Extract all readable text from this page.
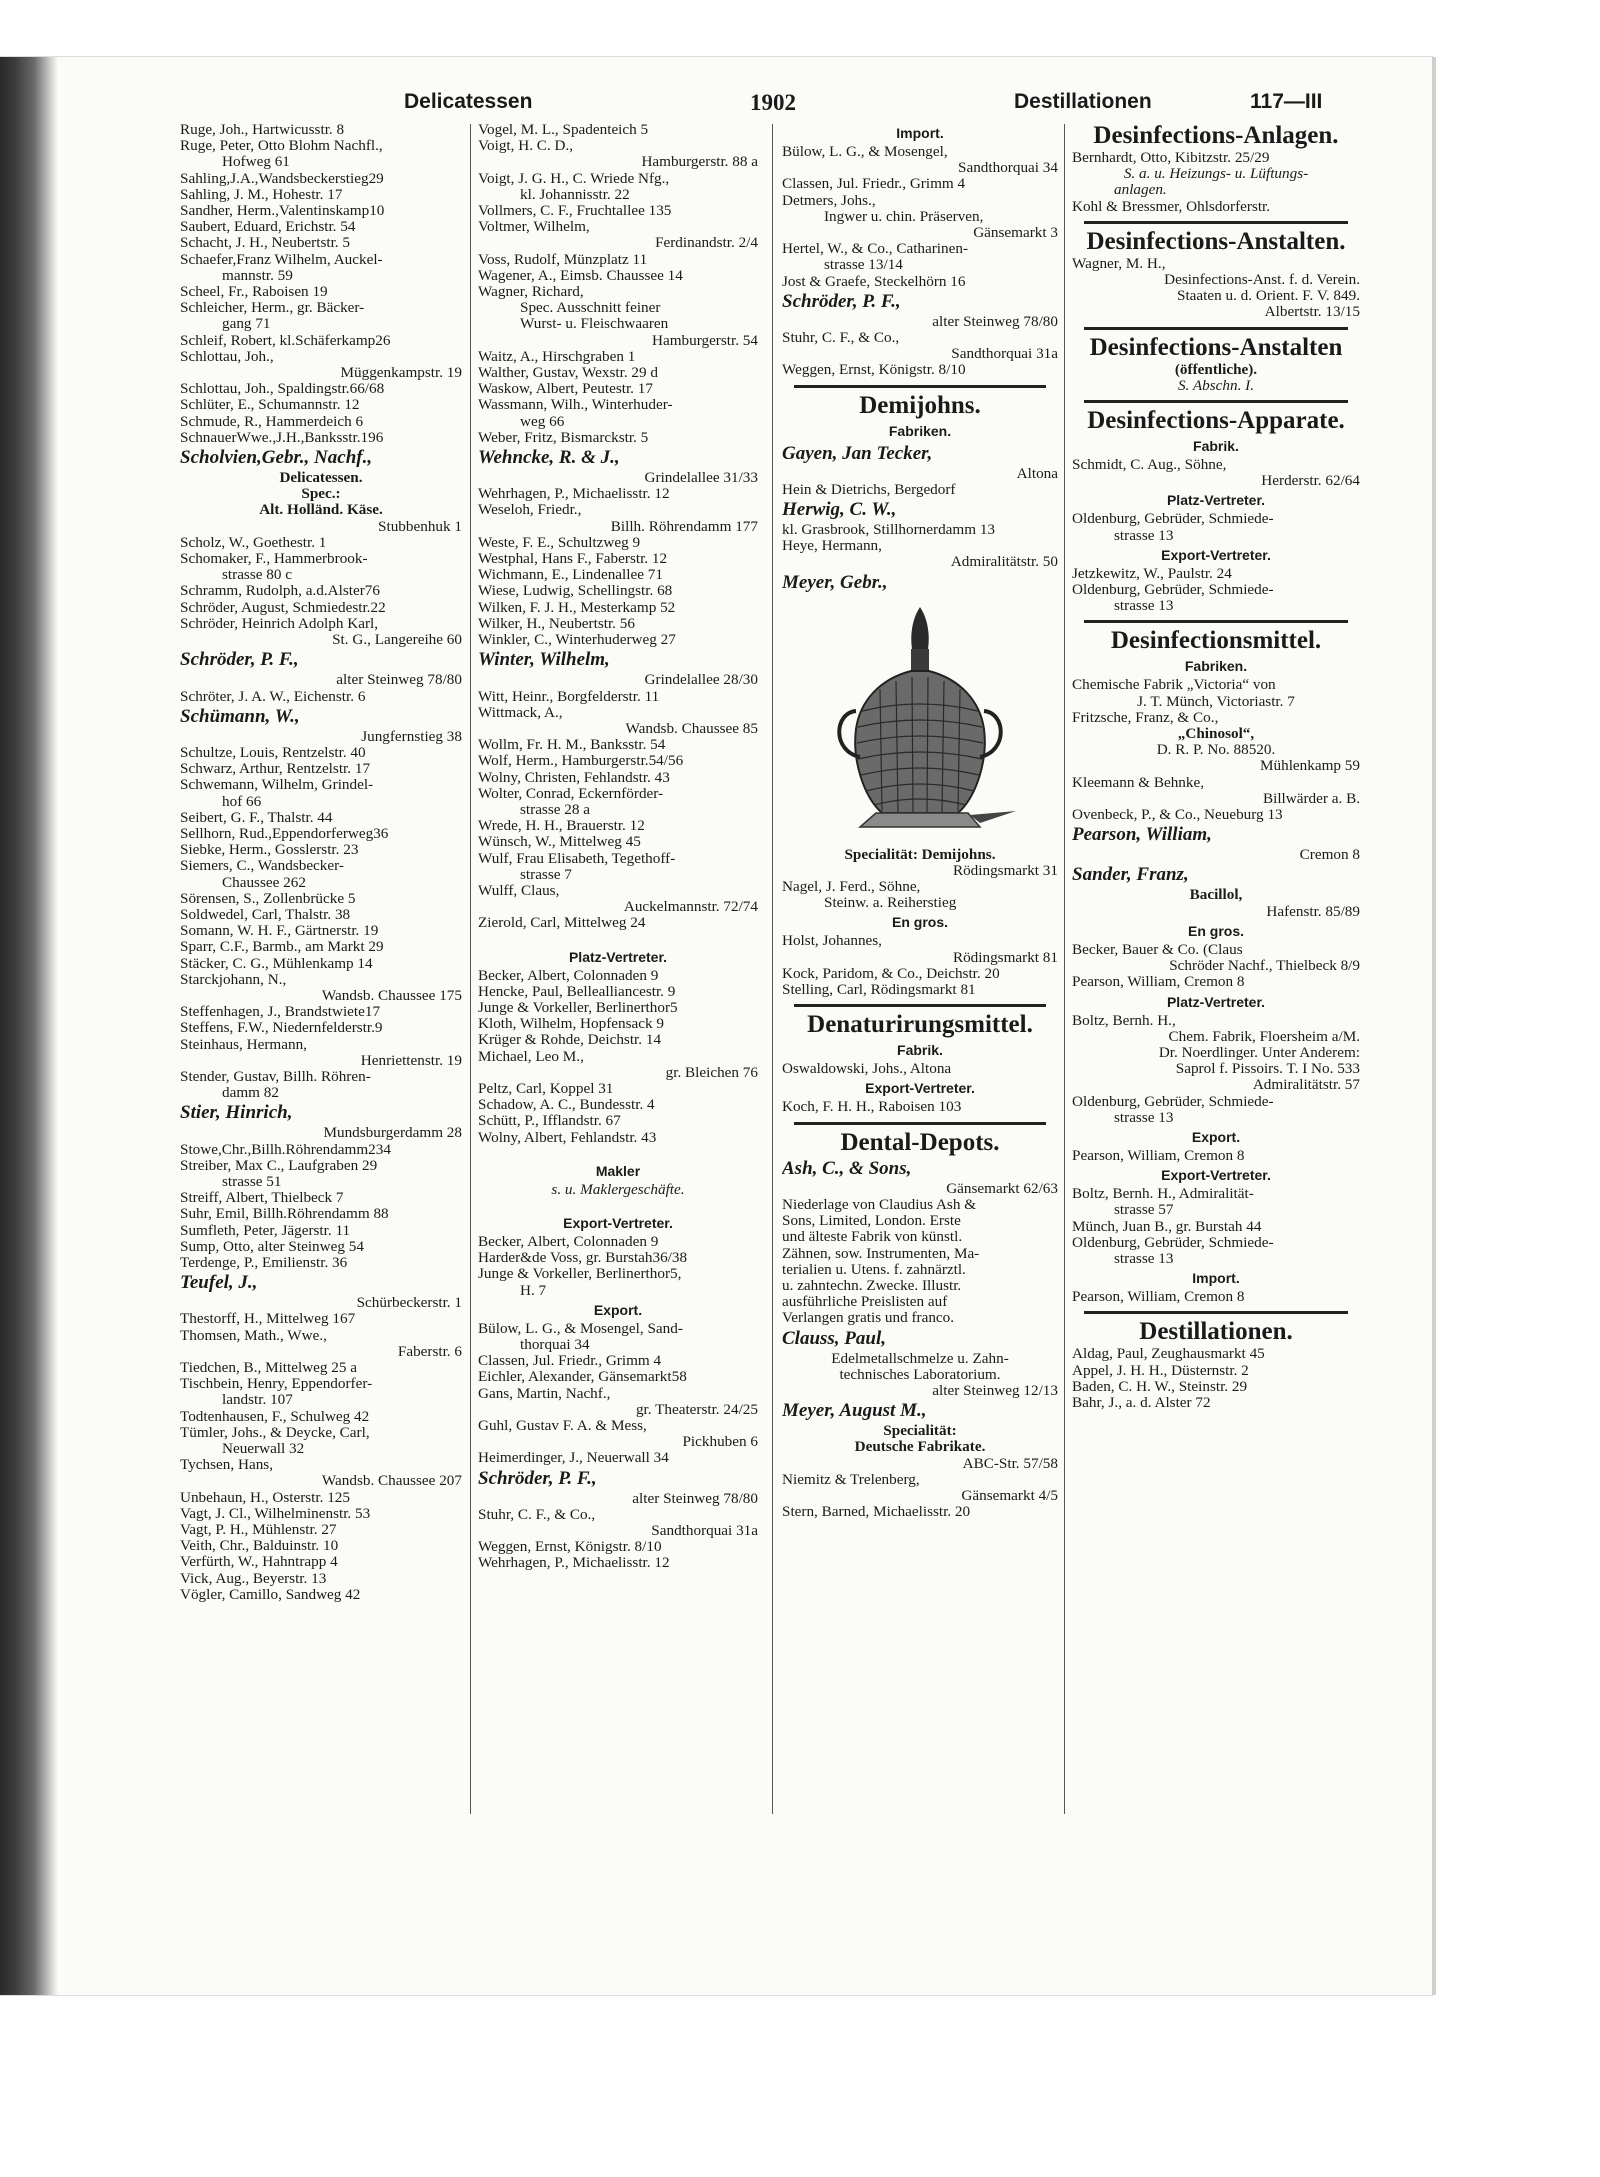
Delicatessen	1902	Destillationen	117—III
Ruge, Joh., Hartwicusstr. 8
Ruge, Peter, Otto Blohm Nachfl.,
Hofweg 61
Sahling,J.A.,Wandsbeckerstieg29
Sahling, J. M., Hohestr. 17
Sandher, Herm.,Valentinskamp10
Saubert, Eduard, Erichstr. 54
Schacht, J. H., Neubertstr. 5
Schaefer,Franz Wilhelm, Auckel-
mannstr. 59
Scheel, Fr., Raboisen 19
Schleicher, Herm., gr. Bäcker-
gang 71
Schleif, Robert, kl.Schäferkamp26
Schlottau, Joh.,
Müggenkampstr. 19
Schlottau, Joh., Spaldingstr.66/68
Schlüter, E., Schumannstr. 12
Schmude, R., Hammerdeich 6
SchnauerWwe.,J.H.,Banksstr.196
Scholvien,Gebr., Nachf.,
Delicatessen.
Spec.:
Alt. Holländ. Käse.
Stubbenhuk 1
Scholz, W., Goethestr. 1
Schomaker, F., Hammerbrook-
strasse 80 c
Schramm, Rudolph, a.d.Alster76
Schröder, August, Schmiedestr.22
Schröder, Heinrich Adolph Karl,
St. G., Langereihe 60
Schröder, P. F.,
alter Steinweg 78/80
Schröter, J. A. W., Eichenstr. 6
Schümann, W.,
Jungfernstieg 38
Schultze, Louis, Rentzelstr. 40
Schwarz, Arthur, Rentzelstr. 17
Schwemann, Wilhelm, Grindel-
hof 66
Seibert, G. F., Thalstr. 44
Sellhorn, Rud.,Eppendorferweg36
Siebke, Herm., Gosslerstr. 23
Siemers, C., Wandsbecker-
Chaussee 262
Sörensen, S., Zollenbrücke 5
Soldwedel, Carl, Thalstr. 38
Somann, W. H. F., Gärtnerstr. 19
Sparr, C.F., Barmb., am Markt 29
Stäcker, C. G., Mühlenkamp 14
Starckjohann, N.,
Wandsb. Chaussee 175
Steffenhagen, J., Brandstwiete17
Steffens, F.W., Niedernfelderstr.9
Steinhaus, Hermann,
Henriettenstr. 19
Stender, Gustav, Billh. Röhren-
damm 82
Stier, Hinrich,
Mundsburgerdamm 28
Stowe,Chr.,Billh.Röhrendamm234
Streiber, Max C., Laufgraben 29
strasse 51
Streiff, Albert, Thielbeck 7
Suhr, Emil, Billh.Röhrendamm 88
Sumfleth, Peter, Jägerstr. 11
Sump, Otto, alter Steinweg 54
Terdenge, P., Emilienstr. 36
Teufel, J.,
Schürbeckerstr. 1
Thestorff, H., Mittelweg 167
Thomsen, Math., Wwe.,
Faberstr. 6
Tiedchen, B., Mittelweg 25 a
Tischbein, Henry, Eppendorfer-
landstr. 107
Todtenhausen, F., Schulweg 42
Tümler, Johs., & Deycke, Carl,
Neuerwall 32
Tychsen, Hans,
Wandsb. Chaussee 207
Unbehaun, H., Osterstr. 125
Vagt, J. Cl., Wilhelminenstr. 53
Vagt, P. H., Mühlenstr. 27
Veith, Chr., Balduinstr. 10
Verfürth, W., Hahntrapp 4
Vick, Aug., Beyerstr. 13
Vögler, Camillo, Sandweg 42
Vogel, M. L., Spadenteich 5
Voigt, H. C. D.,
Hamburgerstr. 88 a
Voigt, J. G. H., C. Wriede Nfg.,
kl. Johannisstr. 22
Vollmers, C. F., Fruchtallee 135
Voltmer, Wilhelm,
Ferdinandstr. 2/4
Voss, Rudolf, Münzplatz 11
Wagener, A., Eimsb. Chaussee 14
Wagner, Richard,
Spec. Ausschnitt feiner
Wurst- u. Fleischwaaren
Hamburgerstr. 54
Waitz, A., Hirschgraben 1
Walther, Gustav, Wexstr. 29 d
Waskow, Albert, Peutestr. 17
Wassmann, Wilh., Winterhuder-
weg 66
Weber, Fritz, Bismarckstr. 5
Wehncke, R. & J.,
Grindelallee 31/33
Wehrhagen, P., Michaelisstr. 12
Weseloh, Friedr.,
Billh. Röhrendamm 177
Weste, F. E., Schultzweg 9
Westphal, Hans F., Faberstr. 12
Wichmann, E., Lindenallee 71
Wiese, Ludwig, Schellingstr. 68
Wilken, F. J. H., Mesterkamp 52
Wilker, H., Neubertstr. 56
Winkler, C., Winterhuderweg 27
Winter, Wilhelm,
Grindelallee 28/30
Witt, Heinr., Borgfelderstr. 11
Wittmack, A.,
Wandsb. Chaussee 85
Wollm, Fr. H. M., Banksstr. 54
Wolf, Herm., Hamburgerstr.54/56
Wolny, Christen, Fehlandstr. 43
Wolter, Conrad, Eckernförder-
strasse 28 a
Wrede, H. H., Brauerstr. 12
Wünsch, W., Mittelweg 45
Wulf, Frau Elisabeth, Tegethoff-
strasse 7
Wulff, Claus,
Auckelmannstr. 72/74
Zierold, Carl, Mittelweg 24
Platz-Vertreter.
Becker, Albert, Colonnaden 9
Hencke, Paul, Bellealliancestr. 9
Junge & Vorkeller, Berlinerthor5
Kloth, Wilhelm, Hopfensack 9
Krüger & Rohde, Deichstr. 14
Michael, Leo M.,
gr. Bleichen 76
Peltz, Carl, Koppel 31
Schadow, A. C., Bundesstr. 4
Schütt, P., Ifflandstr. 67
Wolny, Albert, Fehlandstr. 43
Makler
s. u. Maklergeschäfte.
Export-Vertreter.
Becker, Albert, Colonnaden 9
Harder&de Voss, gr. Burstah36/38
Junge & Vorkeller, Berlinerthor5,
H. 7
Export.
Bülow, L. G., & Mosengel, Sand-
thorquai 34
Classen, Jul. Friedr., Grimm 4
Eichler, Alexander, Gänsemarkt58
Gans, Martin, Nachf.,
gr. Theaterstr. 24/25
Guhl, Gustav F. A. & Mess,
Pickhuben 6
Heimerdinger, J., Neuerwall 34
Schröder, P. F.,
alter Steinweg 78/80
Stuhr, C. F., & Co.,
Sandthorquai 31a
Weggen, Ernst, Königstr. 8/10
Wehrhagen, P., Michaelisstr. 12
Import.
Bülow, L. G., & Mosengel,
Sandthorquai 34
Classen, Jul. Friedr., Grimm 4
Detmers, Johs.,
Ingwer u. chin. Präserven,
Gänsemarkt 3
Hertel, W., & Co., Catharinen-
strasse 13/14
Jost & Graefe, Steckelhörn 16
Schröder, P. F.,
alter Steinweg 78/80
Stuhr, C. F., & Co.,
Sandthorquai 31a
Weggen, Ernst, Königstr. 8/10
Demijohns.
Fabriken.
Gayen, Jan Tecker,
Altona
Hein & Dietrichs, Bergedorf
Herwig, C. W.,
kl. Grasbrook, Stillhornerdamm 13
Heye, Hermann,
Admiralitätstr. 50
Meyer, Gebr.,
Specialität: Demijohns.
Rödingsmarkt 31
Nagel, J. Ferd., Söhne,
Steinw. a. Reiherstieg
En gros.
Holst, Johannes,
Rödingsmarkt 81
Kock, Paridom, & Co., Deichstr. 20
Stelling, Carl, Rödingsmarkt 81
Denaturirungsmittel.
Fabrik.
Oswaldowski, Johs., Altona
Export-Vertreter.
Koch, F. H. H., Raboisen 103
Dental-Depots.
Ash, C., & Sons,
Gänsemarkt 62/63
Niederlage von Claudius Ash &
Sons, Limited, London. Erste
und älteste Fabrik von künstl.
Zähnen, sow. Instrumenten, Ma-
terialien u. Utens. f. zahnärztl.
u. zahntechn. Zwecke. Illustr.
ausführliche Preislisten auf
Verlangen gratis und franco.
Clauss, Paul,
Edelmetallschmelze u. Zahn-
technisches Laboratorium.
alter Steinweg 12/13
Meyer, August M.,
Specialität:
Deutsche Fabrikate.
ABC-Str. 57/58
Niemitz & Trelenberg,
Gänsemarkt 4/5
Stern, Barned, Michaelisstr. 20
Desinfections-Anlagen.
Bernhardt, Otto, Kibitzstr. 25/29
S. a. u. Heizungs- u. Lüftungs-
anlagen.
Kohl & Bressmer, Ohlsdorferstr.
Desinfections-Anstalten.
Wagner, M. H.,
Desinfections-Anst. f. d. Verein.
Staaten u. d. Orient. F. V. 849.
Albertstr. 13/15
Desinfections-Anstalten
(öffentliche).
S. Abschn. I.
Desinfections-Apparate.
Fabrik.
Schmidt, C. Aug., Söhne,
Herderstr. 62/64
Platz-Vertreter.
Oldenburg, Gebrüder, Schmiede-
strasse 13
Export-Vertreter.
Jetzkewitz, W., Paulstr. 24
Oldenburg, Gebrüder, Schmiede-
strasse 13
Desinfectionsmittel.
Fabriken.
Chemische Fabrik „Victoria“ von
J. T. Münch, Victoriastr. 7
Fritzsche, Franz, & Co.,
„Chinosol“,
D. R. P. No. 88520.
Mühlenkamp 59
Kleemann & Behnke,
Billwärder a. B.
Ovenbeck, P., & Co., Neueburg 13
Pearson, William,
Cremon 8
Sander, Franz,
Bacillol,
Hafenstr. 85/89
En gros.
Becker, Bauer & Co. (Claus
Schröder Nachf., Thielbeck 8/9
Pearson, William, Cremon 8
Platz-Vertreter.
Boltz, Bernh. H.,
Chem. Fabrik, Floersheim a/M.
Dr. Noerdlinger. Unter Anderem:
Saprol f. Pissoirs. T. I No. 533
Admiralitätstr. 57
Oldenburg, Gebrüder, Schmiede-
strasse 13
Export.
Pearson, William, Cremon 8
Export-Vertreter.
Boltz, Bernh. H., Admiralität-
strasse 57
Münch, Juan B., gr. Burstah 44
Oldenburg, Gebrüder, Schmiede-
strasse 13
Import.
Pearson, William, Cremon 8
Destillationen.
Aldag, Paul, Zeughausmarkt 45
Appel, J. H. H., Düsternstr. 2
Baden, C. H. W., Steinstr. 29
Bahr, J., a. d. Alster 72
